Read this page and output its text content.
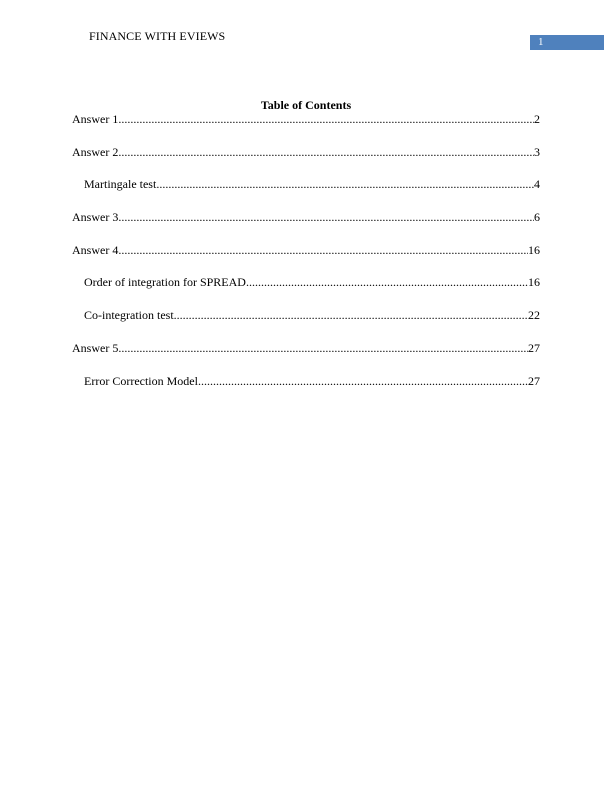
FINANCE WITH EVIEWS	1
Table of Contents
Answer 1 .....	2
Answer 2 .....	3
Martingale test .....	4
Answer 3 .....	6
Answer 4 .....	16
Order of integration for SPREAD .....	16
Co-integration test .....	22
Answer 5 .....	27
Error Correction Model .....	27
